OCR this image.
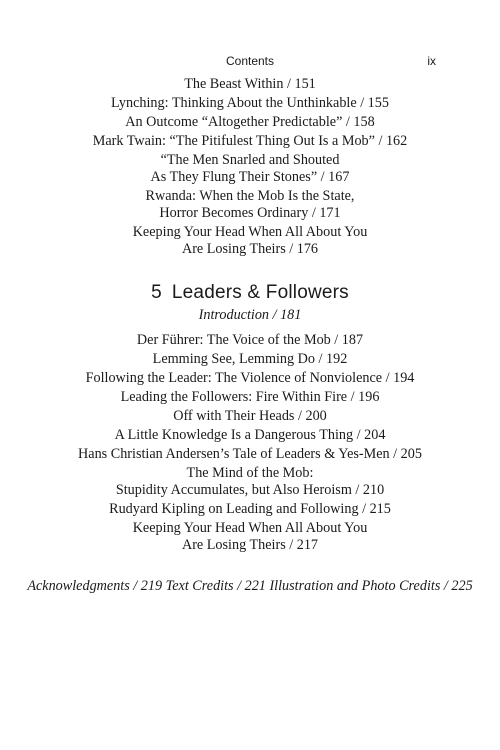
Contents	ix
The Beast Within / 151
Lynching: Thinking About the Unthinkable / 155
An Outcome “Altogether Predictable” / 158
Mark Twain: “The Pitifulest Thing Out Is a Mob” / 162
“The Men Snarled and Shouted
As They Flung Their Stones” / 167
Rwanda: When the Mob Is the State,
Horror Becomes Ordinary / 171
Keeping Your Head When All About You
Are Losing Theirs / 176
5 Leaders & Followers
Introduction / 181
Der Führer: The Voice of the Mob / 187
Lemming See, Lemming Do / 192
Following the Leader: The Violence of Nonviolence / 194
Leading the Followers: Fire Within Fire / 196
Off with Their Heads / 200
A Little Knowledge Is a Dangerous Thing / 204
Hans Christian Andersen’s Tale of Leaders & Yes-Men / 205
The Mind of the Mob:
Stupidity Accumulates, but Also Heroism / 210
Rudyard Kipling on Leading and Following / 215
Keeping Your Head When All About You
Are Losing Theirs / 217
Acknowledgments / 219 Text Credits / 221 Illustration and Photo Credits / 225
